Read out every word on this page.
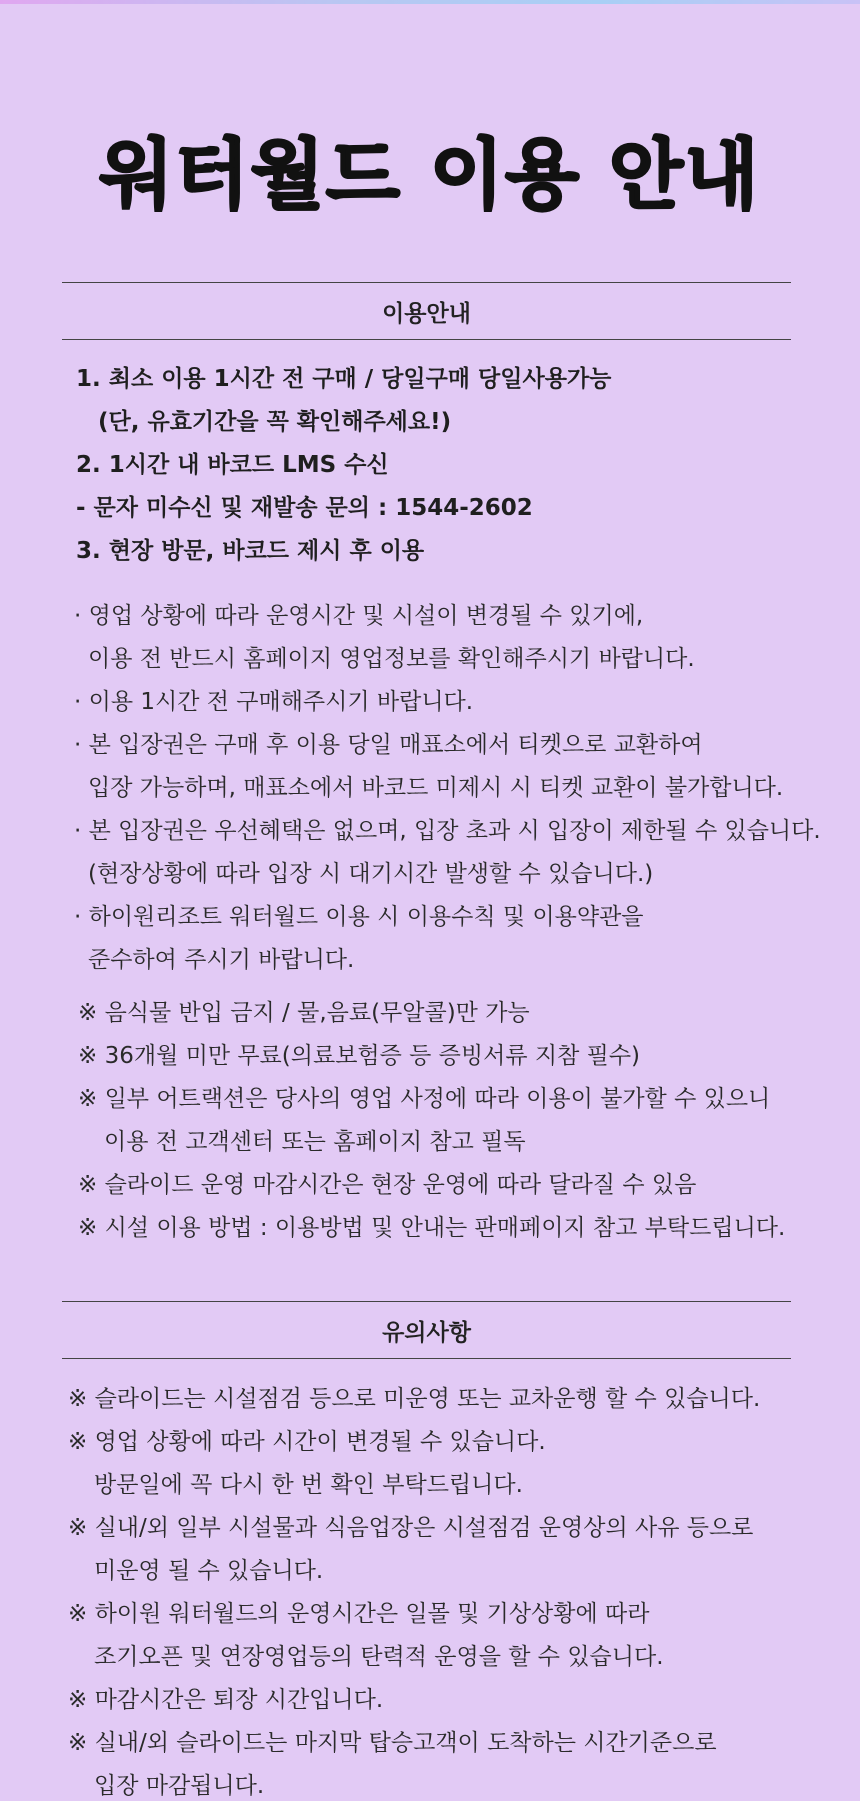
워터월드 이용 안내
이용안내
1. 최소 이용 1시간 전 구매 / 당일구매 당일사용가능
(단, 유효기간을 꼭 확인해주세요!)
2. 1시간 내 바코드 LMS 수신
- 문자 미수신 및 재발송 문의 : 1544-2602
3. 현장 방문, 바코드 제시 후 이용
· 영업 상황에 따라 운영시간 및 시설이 변경될 수 있기에,
이용 전 반드시 홈페이지 영업정보를 확인해주시기 바랍니다.
· 이용 1시간 전 구매해주시기 바랍니다.
· 본 입장권은 구매 후 이용 당일 매표소에서 티켓으로 교환하여
입장 가능하며, 매표소에서 바코드 미제시 시 티켓 교환이 불가합니다.
· 본 입장권은 우선혜택은 없으며, 입장 초과 시 입장이 제한될 수 있습니다.
(현장상황에 따라 입장 시 대기시간 발생할 수 있습니다.)
· 하이원리조트 워터월드 이용 시 이용수칙 및 이용약관을
준수하여 주시기 바랍니다.
※ 음식물 반입 금지 / 물,음료(무알콜)만 가능
※ 36개월 미만 무료(의료보험증 등 증빙서류 지참 필수)
※ 일부 어트랙션은 당사의 영업 사정에 따라 이용이 불가할 수 있으니
이용 전 고객센터 또는 홈페이지 참고 필독
※ 슬라이드 운영 마감시간은 현장 운영에 따라 달라질 수 있음
※ 시설 이용 방법 : 이용방법 및 안내는 판매페이지 참고 부탁드립니다.
유의사항
※ 슬라이드는 시설점검 등으로 미운영 또는 교차운행 할 수 있습니다.
※ 영업 상황에 따라 시간이 변경될 수 있습니다.
방문일에 꼭 다시 한 번 확인 부탁드립니다.
※ 실내/외 일부 시설물과 식음업장은 시설점검 운영상의 사유 등으로
미운영 될 수 있습니다.
※ 하이원 워터월드의 운영시간은 일몰 및 기상상황에 따라
조기오픈 및 연장영업등의 탄력적 운영을 할 수 있습니다.
※ 마감시간은 퇴장 시간입니다.
※ 실내/외 슬라이드는 마지막 탑승고객이 도착하는 시간기준으로
입장 마감됩니다.
